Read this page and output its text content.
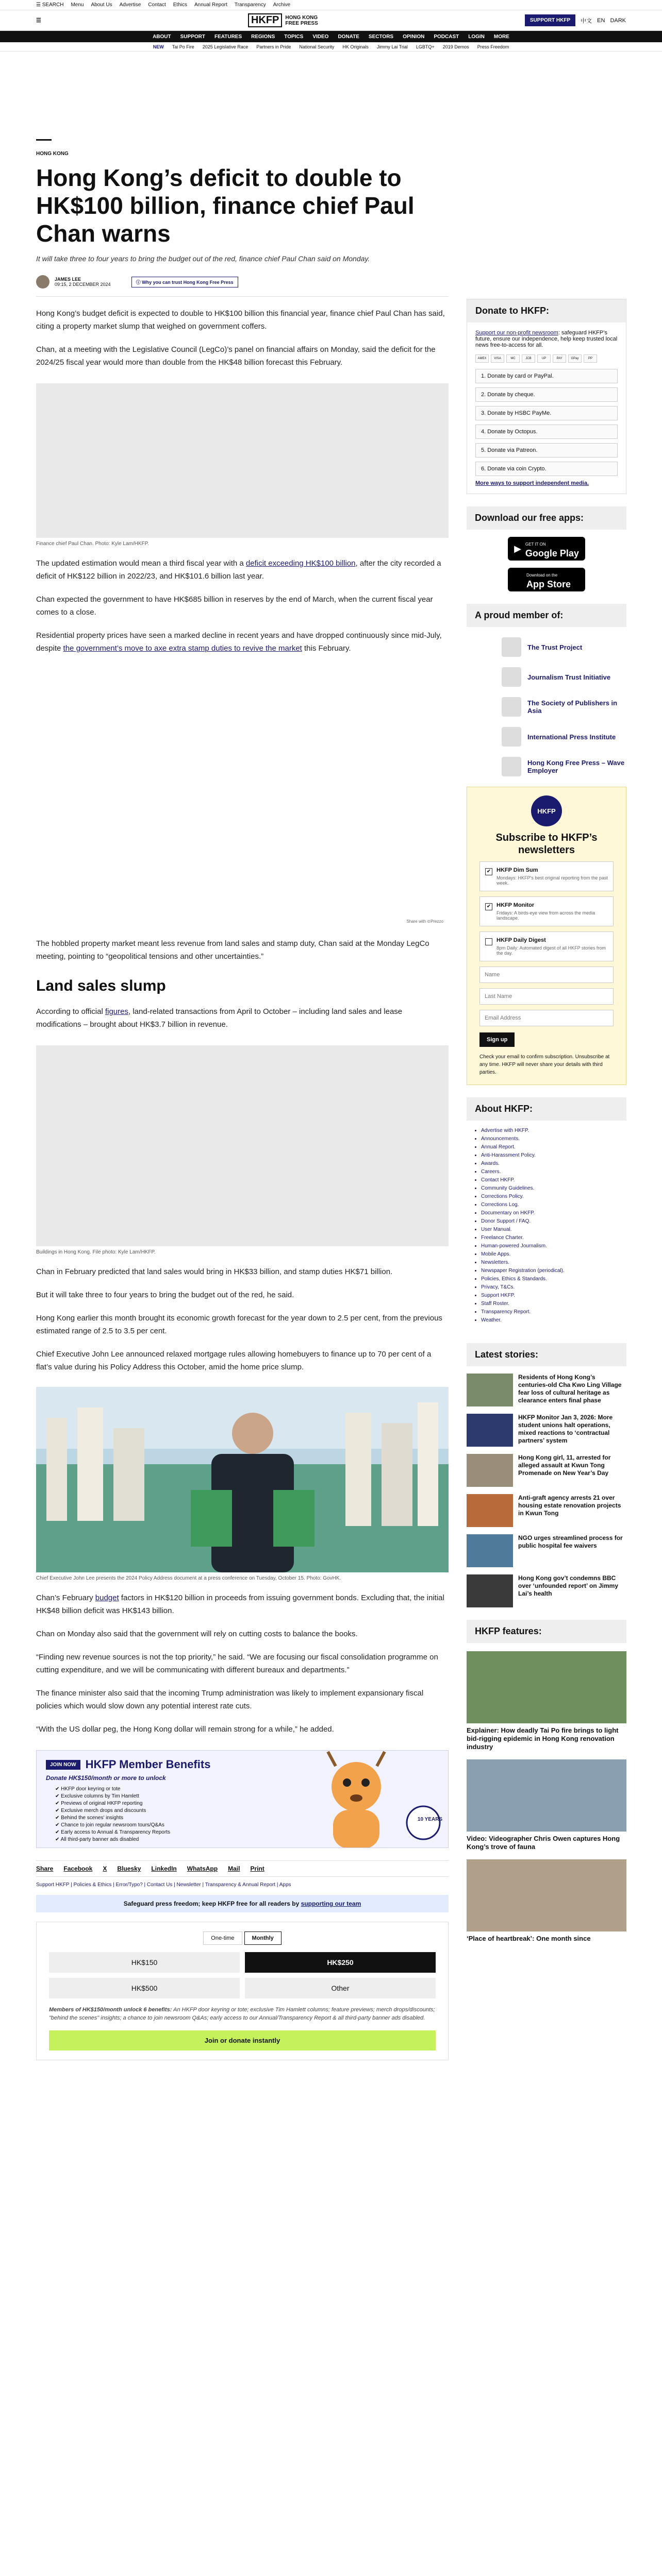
☰ SEARCH Menu About Us Advertise Contact Ethics Annual Report Transparency Archive
☰	HKFP	HONG KONG
FREE PRESS	SUPPORT HKFP	中文 EN DARK
ABOUT SUPPORT FEATURES REGIONS TOPICS VIDEO DONATE SECTORS OPINION PODCAST LOGIN MORE
NEW Tai Po Fire 2025 Legislative Race Partners in Pride National Security HK Originals Jimmy Lai Trial LGBTQ+ 2019 Demos Press Freedom
HONG KONG
Hong Kong’s deficit to double to HK$100 billion, finance chief Paul Chan warns
It will take three to four years to bring the budget out of the red, finance chief Paul Chan said on Monday.
JAMES LEE
09:15, 2 DECEMBER 2024	ⓘ Why you can trust Hong Kong Free Press

Hong Kong’s budget deficit is expected to double to HK$100 billion this financial year, finance chief Paul Chan has said, citing a property market slump that weighed on government coffers.

Chan, at a meeting with the Legislative Council (LegCo)’s panel on financial affairs on Monday, said the deficit for the 2024/25 fiscal year would more than double from the HK$48 billion forecast this February.

Finance chief Paul Chan. Photo: Kyle Lam/HKFP.

The updated estimation would mean a third fiscal year with a deficit exceeding HK$100 billion, after the city recorded a deficit of HK$122 billion in 2022/23, and HK$101.6 billion last year.

Chan expected the government to have HK$685 billion in reserves by the end of March, when the current fiscal year comes to a close.

Residential property prices have seen a marked decline in recent years and have dropped continuously since mid-July, despite the government’s move to axe extra stamp duties to revive the market this February.

Share with ⊙Prezzo

The hobbled property market meant less revenue from land sales and stamp duty, Chan said at the Monday LegCo meeting, pointing to “geopolitical tensions and other uncertainties.”

Land sales slump

According to official figures, land-related transactions from April to October – including land sales and lease modifications – brought about HK$3.7 billion in revenue.

Buildings in Hong Kong. File photo: Kyle Lam/HKFP.

Chan in February predicted that land sales would bring in HK$33 billion, and stamp duties HK$71 billion.

But it will take three to four years to bring the budget out of the red, he said.

Hong Kong earlier this month brought its economic growth forecast for the year down to 2.5 per cent, from the previous estimated range of 2.5 to 3.5 per cent.

Chief Executive John Lee announced relaxed mortgage rules allowing homebuyers to finance up to 70 per cent of a flat’s value during his Policy Address this October, amid the home price slump.

Chief Executive John Lee presents the 2024 Policy Address document at a press conference on Tuesday, October 15. Photo: GovHK.

Chan’s February budget factors in HK$120 billion in proceeds from issuing government bonds. Excluding that, the initial HK$48 billion deficit was HK$143 billion.

Chan on Monday also said that the government will rely on cutting costs to balance the books.

“Finding new revenue sources is not the top priority,” he said. “We are focusing our fiscal consolidation programme on cutting expenditure, and we will be communicating with different bureaux and departments.”

The finance minister also said that the incoming Trump administration was likely to implement expansionary fiscal policies which would slow down any potential interest rate cuts.

“With the US dollar peg, the Hong Kong dollar will remain strong for a while,” he added.

JOIN NOW HKFP Member Benefits
Donate HK$150/month or more to unlock
✔ HKFP door keyring or tote
✔ Exclusive columns by Tim Hamlett
✔ Previews of original HKFP reporting
✔ Exclusive merch drops and discounts
✔ Behind the scenes' insights
✔ Chance to join regular newsroom tours/Q&As
✔ Early access to Annual & Transparency Reports
✔ All third-party banner ads disabled
10 YEARS
Share Facebook X Bluesky LinkedIn WhatsApp Mail Print
Support HKFP | Policies & Ethics | Error/Typo? | Contact Us | Newsletter | Transparency & Annual Report | Apps
Safeguard press freedom; keep HKFP free for all readers by supporting our team
One-time	Monthly
HK$150	HK$250
HK$500	Other
Members of HK$150/month unlock 6 benefits: An HKFP door keyring or tote; exclusive Tim Hamlett columns; feature previews; merch drops/discounts; "behind the scenes" insights; a chance to join newsroom Q&As; early access to our Annual/Transparency Report & all third-party banner ads disabled.
Join or donate instantly
Donate to HKFP:
Support our non-profit newsroom: safeguard HKFP’s future, ensure our independence, help keep trusted local news free-to-access for all.
AMEX	VISA	MC	JCB	UP	PAY	GPay	PP
1. Donate by card or PayPal.
2. Donate by cheque.
3. Donate by HSBC PayMe.
4. Donate by Octopus.
5. Donate via Patreon.
6. Donate via coin Crypto.
More ways to support independent media.
Download our free apps:
▶ GET IT ON
Google Play
Download on the
App Store
A proud member of:
The Trust Project
Journalism Trust Initiative
The Society of Publishers in Asia
International Press Institute
Hong Kong Free Press – Wave Employer
HKFP
Subscribe to HKFP’s newsletters
✔ HKFP Dim Sum
Mondays: HKFP’s best original reporting from the past week.
✔ HKFP Monitor
Fridays: A birds-eye view from across the media landscape.
HKFP Daily Digest
8pm Daily: Automated digest of all HKFP stories from the day.
Name
Last Name
Email Address
Sign up
Check your email to confirm subscription. Unsubscribe at any time. HKFP will never share your details with third parties.
About HKFP:
• Advertise with HKFP.
• Announcements.
• Annual Report.
• Anti-Harassment Policy.
• Awards.
• Careers.
• Contact HKFP.
• Community Guidelines.
• Corrections Policy.
• Corrections Log.
• Documentary on HKFP.
• Donor Support / FAQ.
• User Manual.
• Freelance Charter.
• Human-powered Journalism.
• Mobile Apps.
• Newsletters.
• Newspaper Registration (periodical).
• Policies, Ethics & Standards.
• Privacy, T&Cs.
• Support HKFP.
• Staff Roster.
• Transparency Report.
• Weather.
Latest stories:
Residents of Hong Kong’s centuries-old Cha Kwo Ling Village fear loss of cultural heritage as clearance enters final phase
HKFP Monitor Jan 3, 2026: More student unions halt operations, mixed reactions to ‘contractual partners’ system
Hong Kong girl, 11, arrested for alleged assault at Kwun Tong Promenade on New Year’s Day
Anti-graft agency arrests 21 over housing estate renovation projects in Kwun Tong
NGO urges streamlined process for public hospital fee waivers
Hong Kong gov’t condemns BBC over ‘unfounded report’ on Jimmy Lai’s health
HKFP features:
Explainer: How deadly Tai Po fire brings to light bid-rigging epidemic in Hong Kong renovation industry
Video: Videographer Chris Owen captures Hong Kong’s trove of fauna
‘Place of heartbreak’: One month since
